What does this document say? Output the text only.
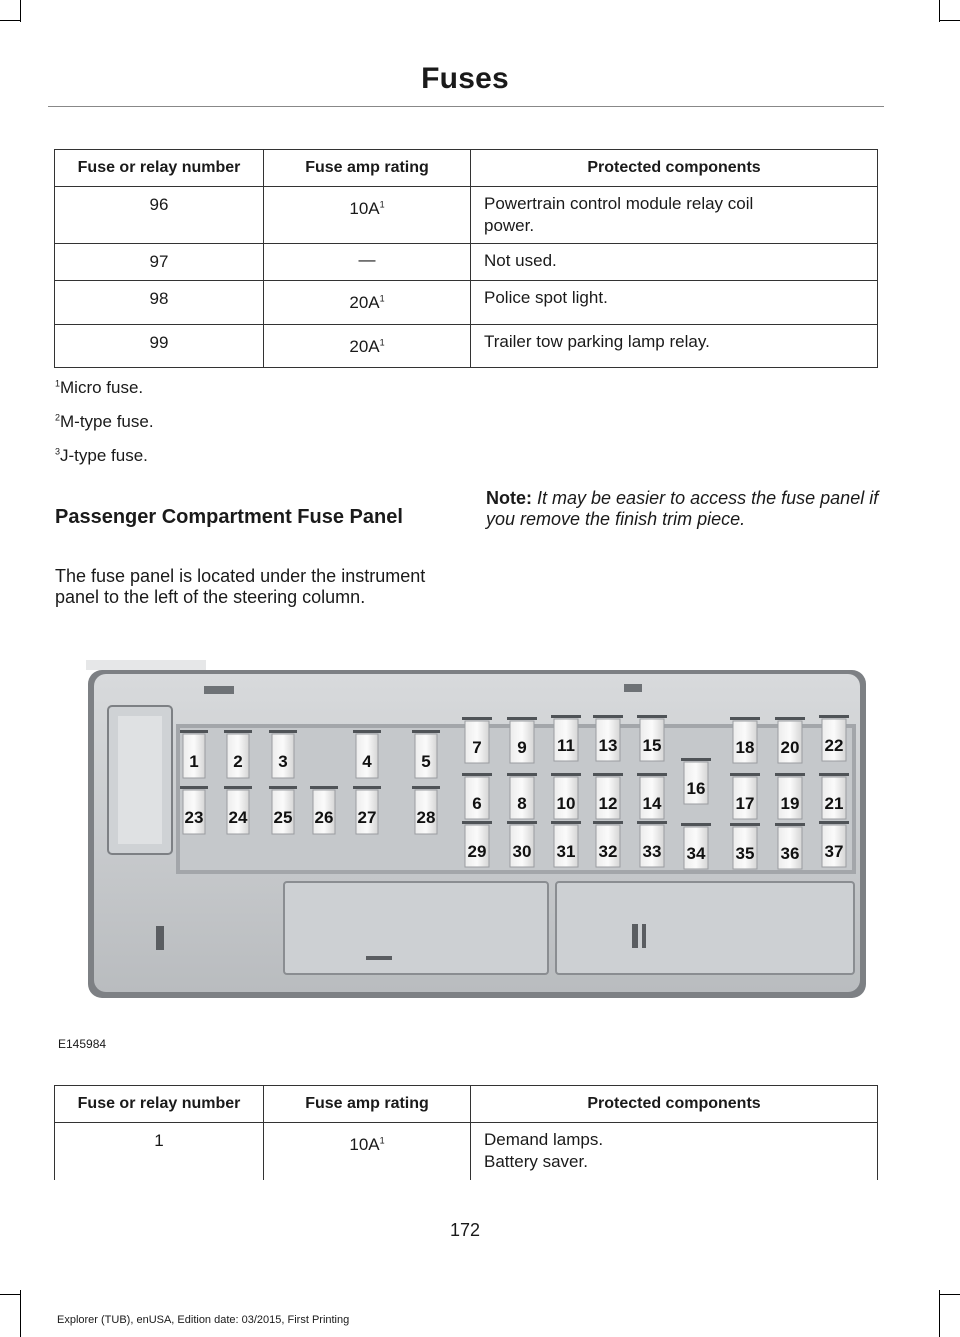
Fuses
Fuse or relay number	Fuse amp rating	Protected components
96	$10A^1$	Powertrain control module relay coil
power.

97	—	Not used.

98	$20A^1$	Police spot light.

99	$20A^1$	Trailer tow parking lamp relay.
$^1$Micro fuse.
$^2$M-type fuse.
$^3$J-type fuse.
Passenger Compartment Fuse Panel
The fuse panel is located under the instrument panel to the left of the steering column.
Note: It may be easier to access the fuse panel if you remove the finish trim piece.
1 2 3	4	5
6
7
8
9
10
11
12
13
14
15
16
17
18
19
20
21
22
23 24 25 26 27 28
29 30 31 32 33 34 35 36 37
E145984
Fuse or relay number	Fuse amp rating	Protected components
1	$10A^1$	Demand lamps.
Battery saver.
172
Explorer (TUB), enUSA, Edition date: 03/2015, First Printing
